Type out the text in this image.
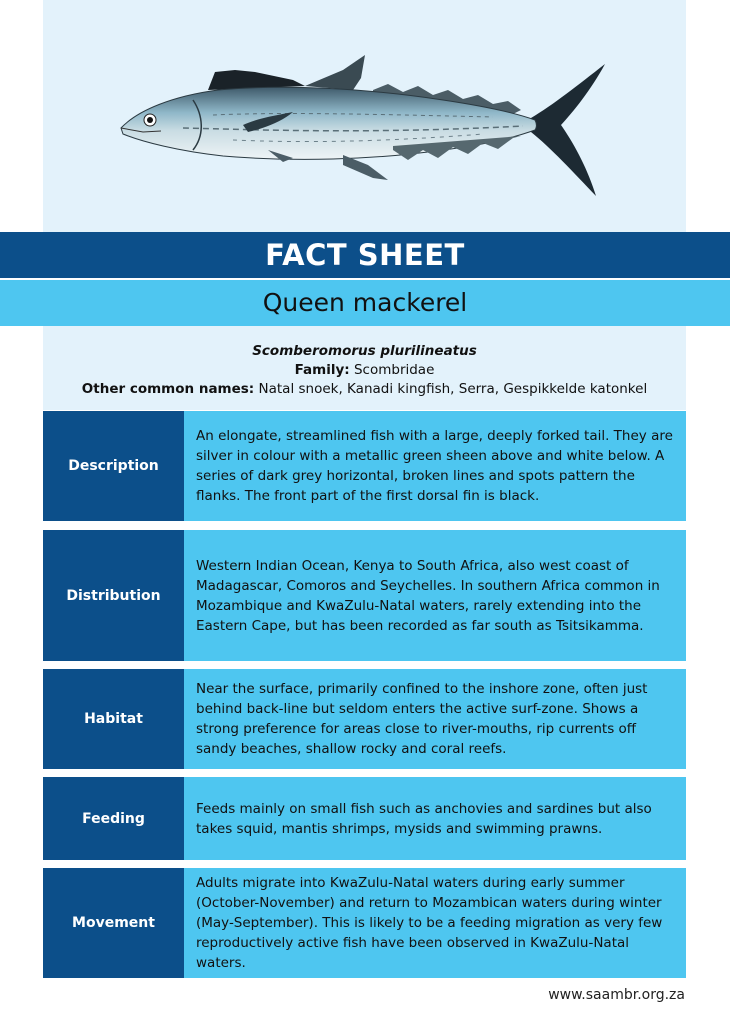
FACT SHEET
Queen mackerel
Scomberomorus plurilineatus
Family: Scombridae
Other common names: Natal snoek, Kanadi kingfish, Serra, Gespikkelde katonkel
Description
An elongate, streamlined fish with a large, deeply forked tail. They are silver in colour with a metallic green sheen above and white below. A series of dark grey horizontal, broken lines and spots pattern the flanks. The front part of the first dorsal fin is black.
Distribution
Western Indian Ocean, Kenya to South Africa, also west coast of Madagascar, Comoros and Seychelles. In southern Africa common in Mozambique and KwaZulu-Natal waters, rarely extending into the Eastern Cape, but has been recorded as far south as Tsitsikamma.
Habitat
Near the surface, primarily confined to the inshore zone, often just behind back-line but seldom enters the active surf-zone. Shows a strong preference for areas close to river-mouths, rip currents off sandy beaches, shallow rocky and coral reefs.
Feeding
Feeds mainly on small fish such as anchovies and sardines but also takes squid, mantis shrimps, mysids and swimming prawns.
Movement
Adults migrate into KwaZulu-Natal waters during early summer (October-November) and return to Mozambican waters during winter (May-September). This is likely to be a feeding migration as very few reproductively active fish have been observed in KwaZulu-Natal waters.
www.saambr.org.za
